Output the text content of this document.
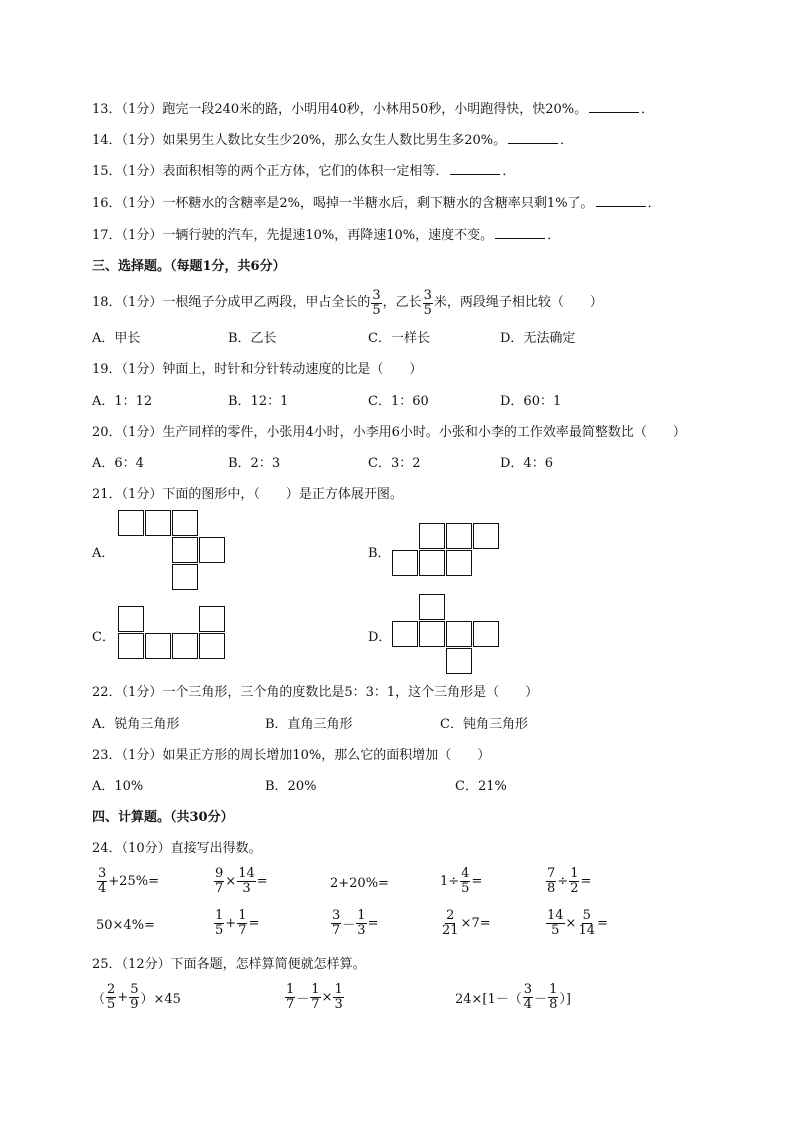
13．（1分）跑完一段240米的路，小明用40秒，小林用50秒，小明跑得快，快20%。	．
14．（1分）如果男生人数比女生少20%，那么女生人数比男生多20%。	．
15．（1分）表面积相等的两个正方体，它们的体积一定相等．	．
16．（1分）一杯糖水的含糖率是2%，喝掉一半糖水后，剩下糖水的含糖率只剩1%了。	．
17．（1分）一辆行驶的汽车，先提速10%，再降速10%，速度不变。	．
三、选择题。（每题1分，共6分）
18．（1分）一根绳子分成甲乙两段，甲占全长的 $\frac{3}{5}$ ，乙长 $\frac{3}{5}$ 米，两段绳子相比较（　　）
A．甲长	B．乙长	C．一样长	D．无法确定
19．（1分）钟面上，时针和分针转动速度的比是（　　）
A．1：12	B．12：1	C．1：60	D．60：1
20．（1分）生产同样的零件，小张用4小时，小李用6小时。小张和小李的工作效率最简整数比（　　）
A．6：4	B．2：3	C．3：2	D．4：6
21．（1分）下面的图形中，（　　）是正方体展开图。
A．	B．
C．	D．
22．（1分）一个三角形，三个角的度数比是5：3：1，这个三角形是（　　）
A．锐角三角形	B．直角三角形	C．钝角三角形
23．（1分）如果正方形的周长增加10%，那么它的面积增加（　　）
A．10%	B．20%	C．21%
四、计算题。（共30分）
24．（10分）直接写出得数。
$\frac{3}{4} +25\%=$	$\frac{9}{7} \times \frac{14}{3}$ =	2+20%=	$1\div \frac{4}{5}$ =	$\frac{7}{8} \div \frac{1}{2}$ =
50×4%=	$\frac{1}{5} + \frac{1}{7}$ =	$\frac{3}{7} - \frac{1}{3}$ =	$\frac{2}{21} \times 7=$	$\frac{14}{5} \times \frac{5}{14}$ =
25．（12分）下面各题，怎样算简便就怎样算。
（ $\frac{2}{5} + \frac{5}{9} )\times 45$	$\frac{1}{7} - \frac{1}{7} \times \frac{1}{3}$	$24\times[1-( \frac{3}{4} - \frac{1}{8}$ ）]
